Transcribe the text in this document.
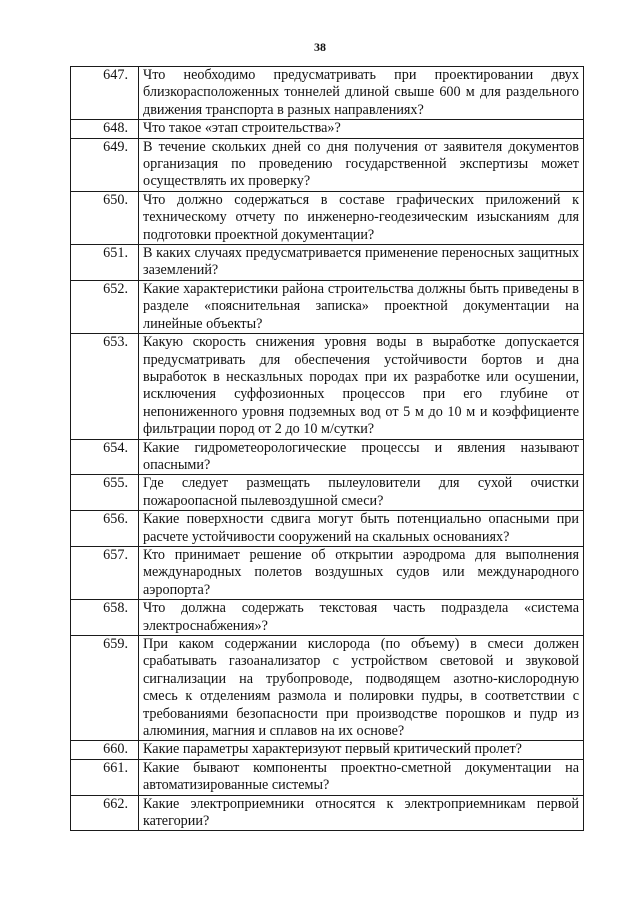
38
647.	Что необходимо предусматривать при проектировании двух близкорасположенных тоннелей длиной свыше 600 м для раздельного движения транспорта в разных направлениях?
648.	Что такое «этап строительства»?
649.	В течение скольких дней со дня получения от заявителя документов организация по проведению государственной экспертизы может осуществлять их проверку?
650.	Что должно содержаться в составе графических приложений к техническому отчету по инженерно-геодезическим изысканиям для подготовки проектной документации?
651.	В каких случаях предусматривается применение переносных защитных заземлений?
652.	Какие характеристики района строительства должны быть приведены в разделе «пояснительная записка» проектной документации на линейные объекты?
653.	Какую скорость снижения уровня воды в выработке допускается предусматривать для обеспечения устойчивости бортов и дна выработок в несказльных породах при их разработке или осушении, исключения суффозионных процессов при его глубине от непониженного уровня подземных вод от 5 м до 10 м и коэффициенте фильтрации пород от 2 до 10 м/сутки?
654.	Какие гидрометеорологические процессы и явления называют опасными?
655.	Где следует размещать пылеуловители для сухой очистки пожароопасной пылевоздушной смеси?
656.	Какие поверхности сдвига могут быть потенциально опасными при расчете устойчивости сооружений на скальных основаниях?
657.	Кто принимает решение об открытии аэродрома для выполнения международных полетов воздушных судов или международного аэропорта?
658.	Что должна содержать текстовая часть подраздела «система электроснабжения»?
659.	При каком содержании кислорода (по объему) в смеси должен срабатывать газоанализатор с устройством световой и звуковой сигнализации на трубопроводе, подводящем азотно-кислородную смесь к отделениям размола и полировки пудры, в соответствии с требованиями безопасности при производстве порошков и пудр из алюминия, магния и сплавов на их основе?
660.	Какие параметры характеризуют первый критический пролет?
661.	Какие бывают компоненты проектно-сметной документации на автоматизированные системы?
662.	Какие электроприемники относятся к электроприемникам первой категории?
